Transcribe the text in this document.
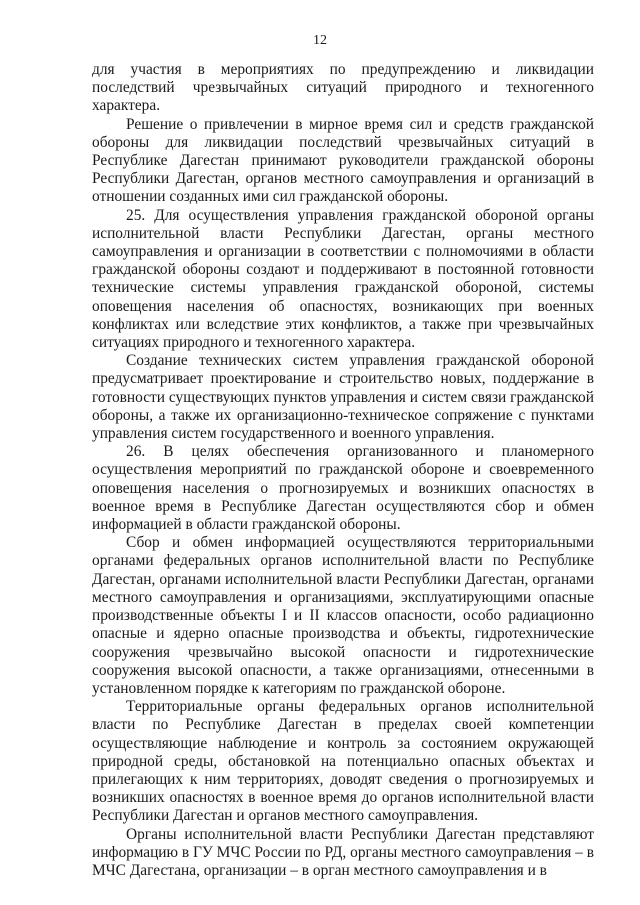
12

для участия в мероприятиях по предупреждению и ликвидации последствий чрезвычайных ситуаций природного и техногенного характера.

Решение о привлечении в мирное время сил и средств гражданской обороны для ликвидации последствий чрезвычайных ситуаций в Республике Дагестан принимают руководители гражданской обороны Республики Дагестан, органов местного самоуправления и организаций в отношении созданных ими сил гражданской обороны.

25. Для осуществления управления гражданской обороной органы исполнительной власти Республики Дагестан, органы местного самоуправления и организации в соответствии с полномочиями в области гражданской обороны создают и поддерживают в постоянной готовности технические системы управления гражданской обороной, системы оповещения населения об опасностях, возникающих при военных конфликтах или вследствие этих конфликтов, а также при чрезвычайных ситуациях природного и техногенного характера.

Создание технических систем управления гражданской обороной предусматривает проектирование и строительство новых, поддержание в готовности существующих пунктов управления и систем связи гражданской обороны, а также их организационно-техническое сопряжение с пунктами управления систем государственного и военного управления.

26. В целях обеспечения организованного и планомерного осуществления мероприятий по гражданской обороне и своевременного оповещения населения о прогнозируемых и возникших опасностях в военное время в Республике Дагестан осуществляются сбор и обмен информацией в области гражданской обороны.

Сбор и обмен информацией осуществляются территориальными органами федеральных органов исполнительной власти по Республике Дагестан, органами исполнительной власти Республики Дагестан, органами местного самоуправления и организациями, эксплуатирующими опасные производственные объекты I и II классов опасности, особо радиационно опасные и ядерно опасные производства и объекты, гидротехнические сооружения чрезвычайно высокой опасности и гидротехнические сооружения высокой опасности, а также организациями, отнесенными в установленном порядке к категориям по гражданской обороне.

Территориальные органы федеральных органов исполнительной власти по Республике Дагестан в пределах своей компетенции осуществляющие наблюдение и контроль за состоянием окружающей природной среды, обстановкой на потенциально опасных объектах и прилегающих к ним территориях, доводят сведения о прогнозируемых и возникших опасностях в военное время до органов исполнительной власти Республики Дагестан и органов местного самоуправления.

Органы исполнительной власти Республики Дагестан представляют информацию в ГУ МЧС России по РД, органы местного самоуправления – в МЧС Дагестана, организации – в орган местного самоуправления и в
